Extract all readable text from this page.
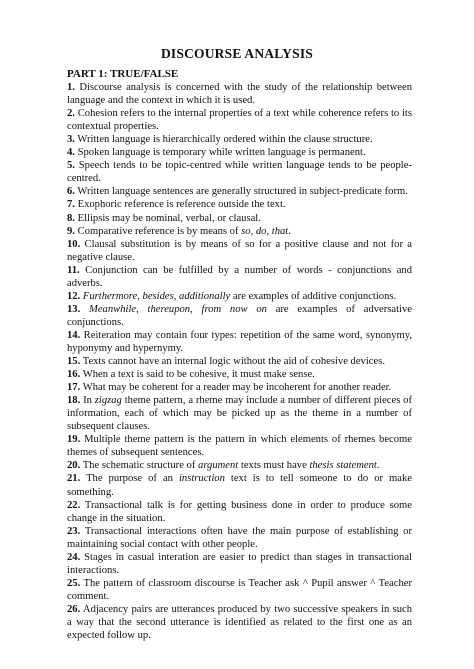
DISCOURSE ANALYSIS
PART 1: TRUE/FALSE

1. Discourse analysis is concerned with the study of the relationship between language and the context in which it is used.

2. Cohesion refers to the internal properties of a text while coherence refers to its contextual properties.

3. Written language is hierarchically ordered within the clause structure.

4. Spoken language is temporary while written language is permanent.

5. Speech tends to be topic-centred while written language tends to be people-centred.

6. Written language sentences are generally structured in subject-predicate form.

7. Exophoric reference is reference outside the text.

8. Ellipsis may be nominal, verbal, or clausal.

9. Comparative reference is by means of so, do, that.

10. Clausal substitution is by means of so for a positive clause and not for a negative clause.

11. Conjunction can be fulfilled by a number of words - conjunctions and adverbs.

12. Furthermore, besides, additionally are examples of additive conjunctions.

13. Meanwhile, thereupon, from now on are examples of adversative conjunctions.

14. Reiteration may contain four types: repetition of the same word, synonymy, hyponymy and hypernymy.

15. Texts cannot have an internal logic without the aid of cohesive devices.

16. When a text is said to be cohesive, it must make sense.

17. What may be coherent for a reader may be incoherent for another reader.

18. In zigzag theme pattern, a rheme may include a number of different pieces of information, each of which may be picked up as the theme in a number of subsequent clauses.

19. Multiple theme pattern is the pattern in which elements of rhemes become themes of subsequent sentences.

20. The schematic structure of argument texts must have thesis statement.

21. The purpose of an instruction text is to tell someone to do or make something.

22. Transactional talk is for getting business done in order to produce some change in the situation.

23. Transactional interactions often have the main purpose of establishing or maintaining social contact with other people.

24. Stages in casual interation are easier to predict than stages in transactional interactions.

25. The pattern of classroom discourse is Teacher ask ^ Pupil answer ^ Teacher comment.

26. Adjacency pairs are utterances produced by two successive speakers in such a way that the second utterance is identified as related to the first one as an expected follow up.
